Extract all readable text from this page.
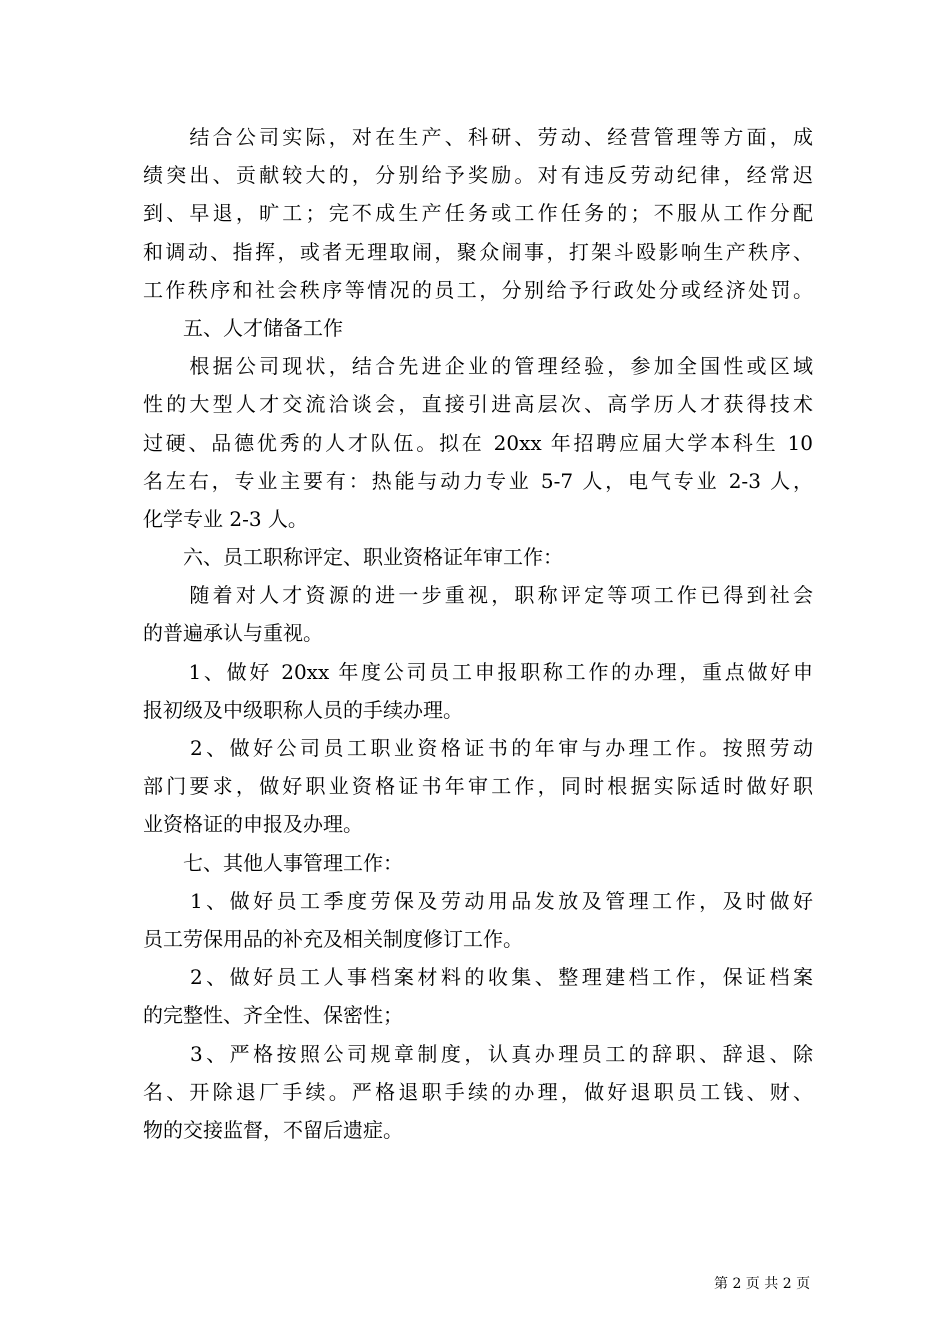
　　结合公司实际，对在生产、科研、劳动、经营管理等方面，成
绩突出、贡献较大的，分别给予奖励。对有违反劳动纪律，经常迟
到、早退，旷工；完不成生产任务或工作任务的；不服从工作分配
和调动、指挥，或者无理取闹，聚众闹事，打架斗殴影响生产秩序、
工作秩序和社会秩序等情况的员工，分别给予行政处分或经济处罚。
　　五、人才储备工作
　　根据公司现状，结合先进企业的管理经验，参加全国性或区域
性的大型人才交流洽谈会，直接引进高层次、高学历人才获得技术
过硬、品德优秀的人才队伍。拟在 20xx 年招聘应届大学本科生 10
名左右，专业主要有：热能与动力专业 5-7 人，电气专业 2-3 人，
化学专业 2-3 人。
　　六、员工职称评定、职业资格证年审工作：
　　随着对人才资源的进一步重视，职称评定等项工作已得到社会
的普遍承认与重视。
　　1、做好 20xx 年度公司员工申报职称工作的办理，重点做好申
报初级及中级职称人员的手续办理。
　　2、做好公司员工职业资格证书的年审与办理工作。按照劳动
部门要求，做好职业资格证书年审工作，同时根据实际适时做好职
业资格证的申报及办理。
　　七、其他人事管理工作：
　　1、做好员工季度劳保及劳动用品发放及管理工作，及时做好
员工劳保用品的补充及相关制度修订工作。
　　2、做好员工人事档案材料的收集、整理建档工作，保证档案
的完整性、齐全性、保密性；
　　3、严格按照公司规章制度，认真办理员工的辞职、辞退、除
名、开除退厂手续。严格退职手续的办理，做好退职员工钱、财、
物的交接监督，不留后遗症。
第 2 页 共 2 页
